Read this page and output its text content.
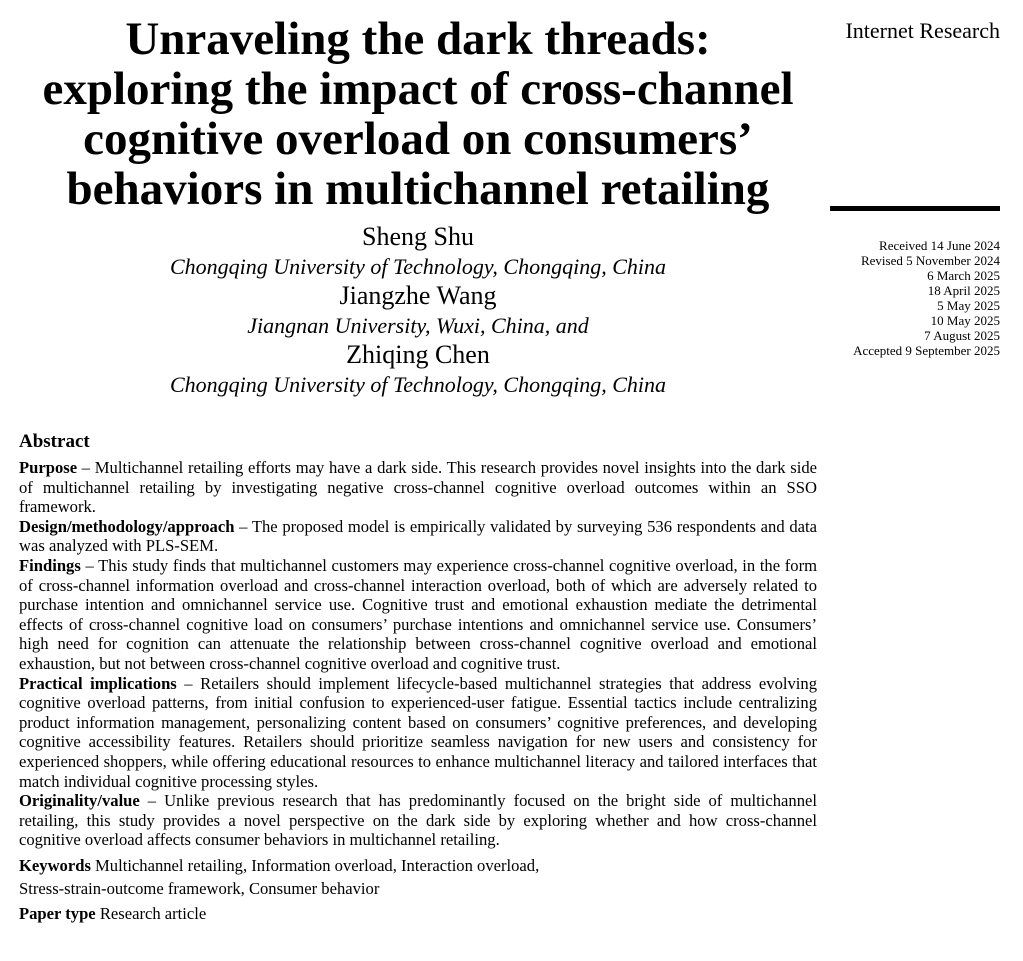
Unraveling the dark threads:
exploring the impact of cross-channel
cognitive overload on consumers’
behaviors in multichannel retailing
Sheng Shu
Chongqing University of Technology, Chongqing, China
Jiangzhe Wang
Jiangnan University, Wuxi, China, and
Zhiqing Chen
Chongqing University of Technology, Chongqing, China
Internet Research
Received 14 June 2024
Revised 5 November 2024
6 March 2025
18 April 2025
5 May 2025
10 May 2025
7 August 2025
Accepted 9 September 2025
Abstract

Purpose – Multichannel retailing efforts may have a dark side. This research provides novel insights into the dark side of multichannel retailing by investigating negative cross-channel cognitive overload outcomes within an SSO framework.

Design/methodology/approach – The proposed model is empirically validated by surveying 536 respondents and data was analyzed with PLS-SEM.

Findings – This study finds that multichannel customers may experience cross-channel cognitive overload, in the form of cross-channel information overload and cross-channel interaction overload, both of which are adversely related to purchase intention and omnichannel service use. Cognitive trust and emotional exhaustion mediate the detrimental effects of cross-channel cognitive load on consumers’ purchase intentions and omnichannel service use. Consumers’ high need for cognition can attenuate the relationship between cross-channel cognitive overload and emotional exhaustion, but not between cross-channel cognitive overload and cognitive trust.

Practical implications – Retailers should implement lifecycle-based multichannel strategies that address evolving cognitive overload patterns, from initial confusion to experienced-user fatigue. Essential tactics include centralizing product information management, personalizing content based on consumers’ cognitive preferences, and developing cognitive accessibility features. Retailers should prioritize seamless navigation for new users and consistency for experienced shoppers, while offering educational resources to enhance multichannel literacy and tailored interfaces that match individual cognitive processing styles.

Originality/value – Unlike previous research that has predominantly focused on the bright side of multichannel retailing, this study provides a novel perspective on the dark side by exploring whether and how cross-channel cognitive overload affects consumer behaviors in multichannel retailing.

Keywords Multichannel retailing, Information overload, Interaction overload,
Stress-strain-outcome framework, Consumer behavior
Paper type Research article
